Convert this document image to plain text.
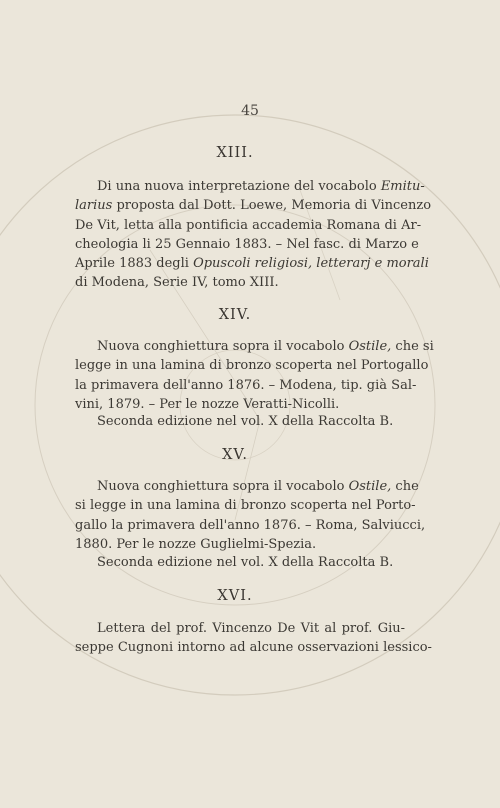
45
XIII.
Di una nuova interpretazione del vocabolo Emitu-
larius proposta dal Dott. Loewe, Memoria di Vincenzo
De Vit, letta alla pontificia accademia Romana di Ar-
cheologia li 25 Gennaio 1883. – Nel fasc. di Marzo e
Aprile 1883 degli Opuscoli religiosi, letterarj e morali
di Modena, Serie IV, tomo XIII.
XIV.
Nuova conghiettura sopra il vocabolo Ostile, che si
legge in una lamina di bronzo scoperta nel Portogallo
la primavera dell'anno 1876. – Modena, tip. già Sal-
vini, 1879. – Per le nozze Veratti-Nicolli.
Seconda edizione nel vol. X della Raccolta B.
XV.
Nuova conghiettura sopra il vocabolo Ostile, che
si legge in una lamina di bronzo scoperta nel Porto-
gallo la primavera dell'anno 1876. – Roma, Salviucci,
1880. Per le nozze Guglielmi-Spezia.
Seconda edizione nel vol. X della Raccolta B.
XVI.
Lettera del prof. Vincenzo De Vit al prof. Giu-
seppe Cugnoni intorno ad alcune osservazioni lessico-
